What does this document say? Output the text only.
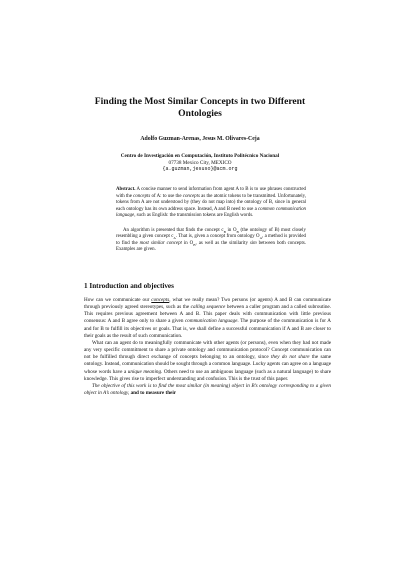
Finding the Most Similar Concepts in two Different
Ontologies
Adolfo Guzman-Arenas, Jesus M. Olivares-Ceja
Centro de Investigación en Computación, Instituto Politécnico Nacional
07738 Mexico City, MEXICO
{a.guzman,jesuso}@acm.org

Abstract. A concise manner to send information from agent A to B is to use phrases constructed with the concepts of A: to use the concepts as the atomic tokens to be transmitted. Unfortunately, tokens from A are not understood by (they do not map into) the ontology of B, since in general each ontology has its own address space. Instead, A and B need to use a common communication language, such as English: the transmission tokens are English words.

An algorithm is presented that finds the concept $c_B$ in $O_B$ (the ontology of B) most closely resembling a given concept $c_A$. That is, given a concept from ontology $O_A$, a method is provided to find the most similar concept in $O_B$, as well as the similarity sim between both concepts. Examples are given.

1 Introduction and objectives

How can we communicate our concepts, what we really mean? Two persons (or agents) A and B can communicate through previously agreed stereotypes, such as the calling sequence between a caller program and a called subroutine. This requires previous agreement between A and B. This paper deals with communication with little previous consensus: A and B agree only to share a given communication language. The purpose of the communication is for A and for B to fulfill its objectives or goals. That is, we shall define a successful communication if A and B are closer to their goals as the result of such communication.

What can an agent do to meaningfully communicate with other agents (or persons), even when they had not made any very specific commitment to share a private ontology and communication protocol? Concept communication can not be fulfilled through direct exchange of concepts belonging to an ontology, since they do not share the same ontology. Instead, communication should be sought through a common language. Lucky agents can agree on a language whose words have a unique meaning. Others need to use an ambiguous language (such as a natural language) to share knowledge. This gives rise to imperfect understanding and confusion. This is the trust of this paper.

The objective of this work is to find the most similar (in meaning) object in B’s ontology corresponding to a given object in A’s ontology, and to measure their
